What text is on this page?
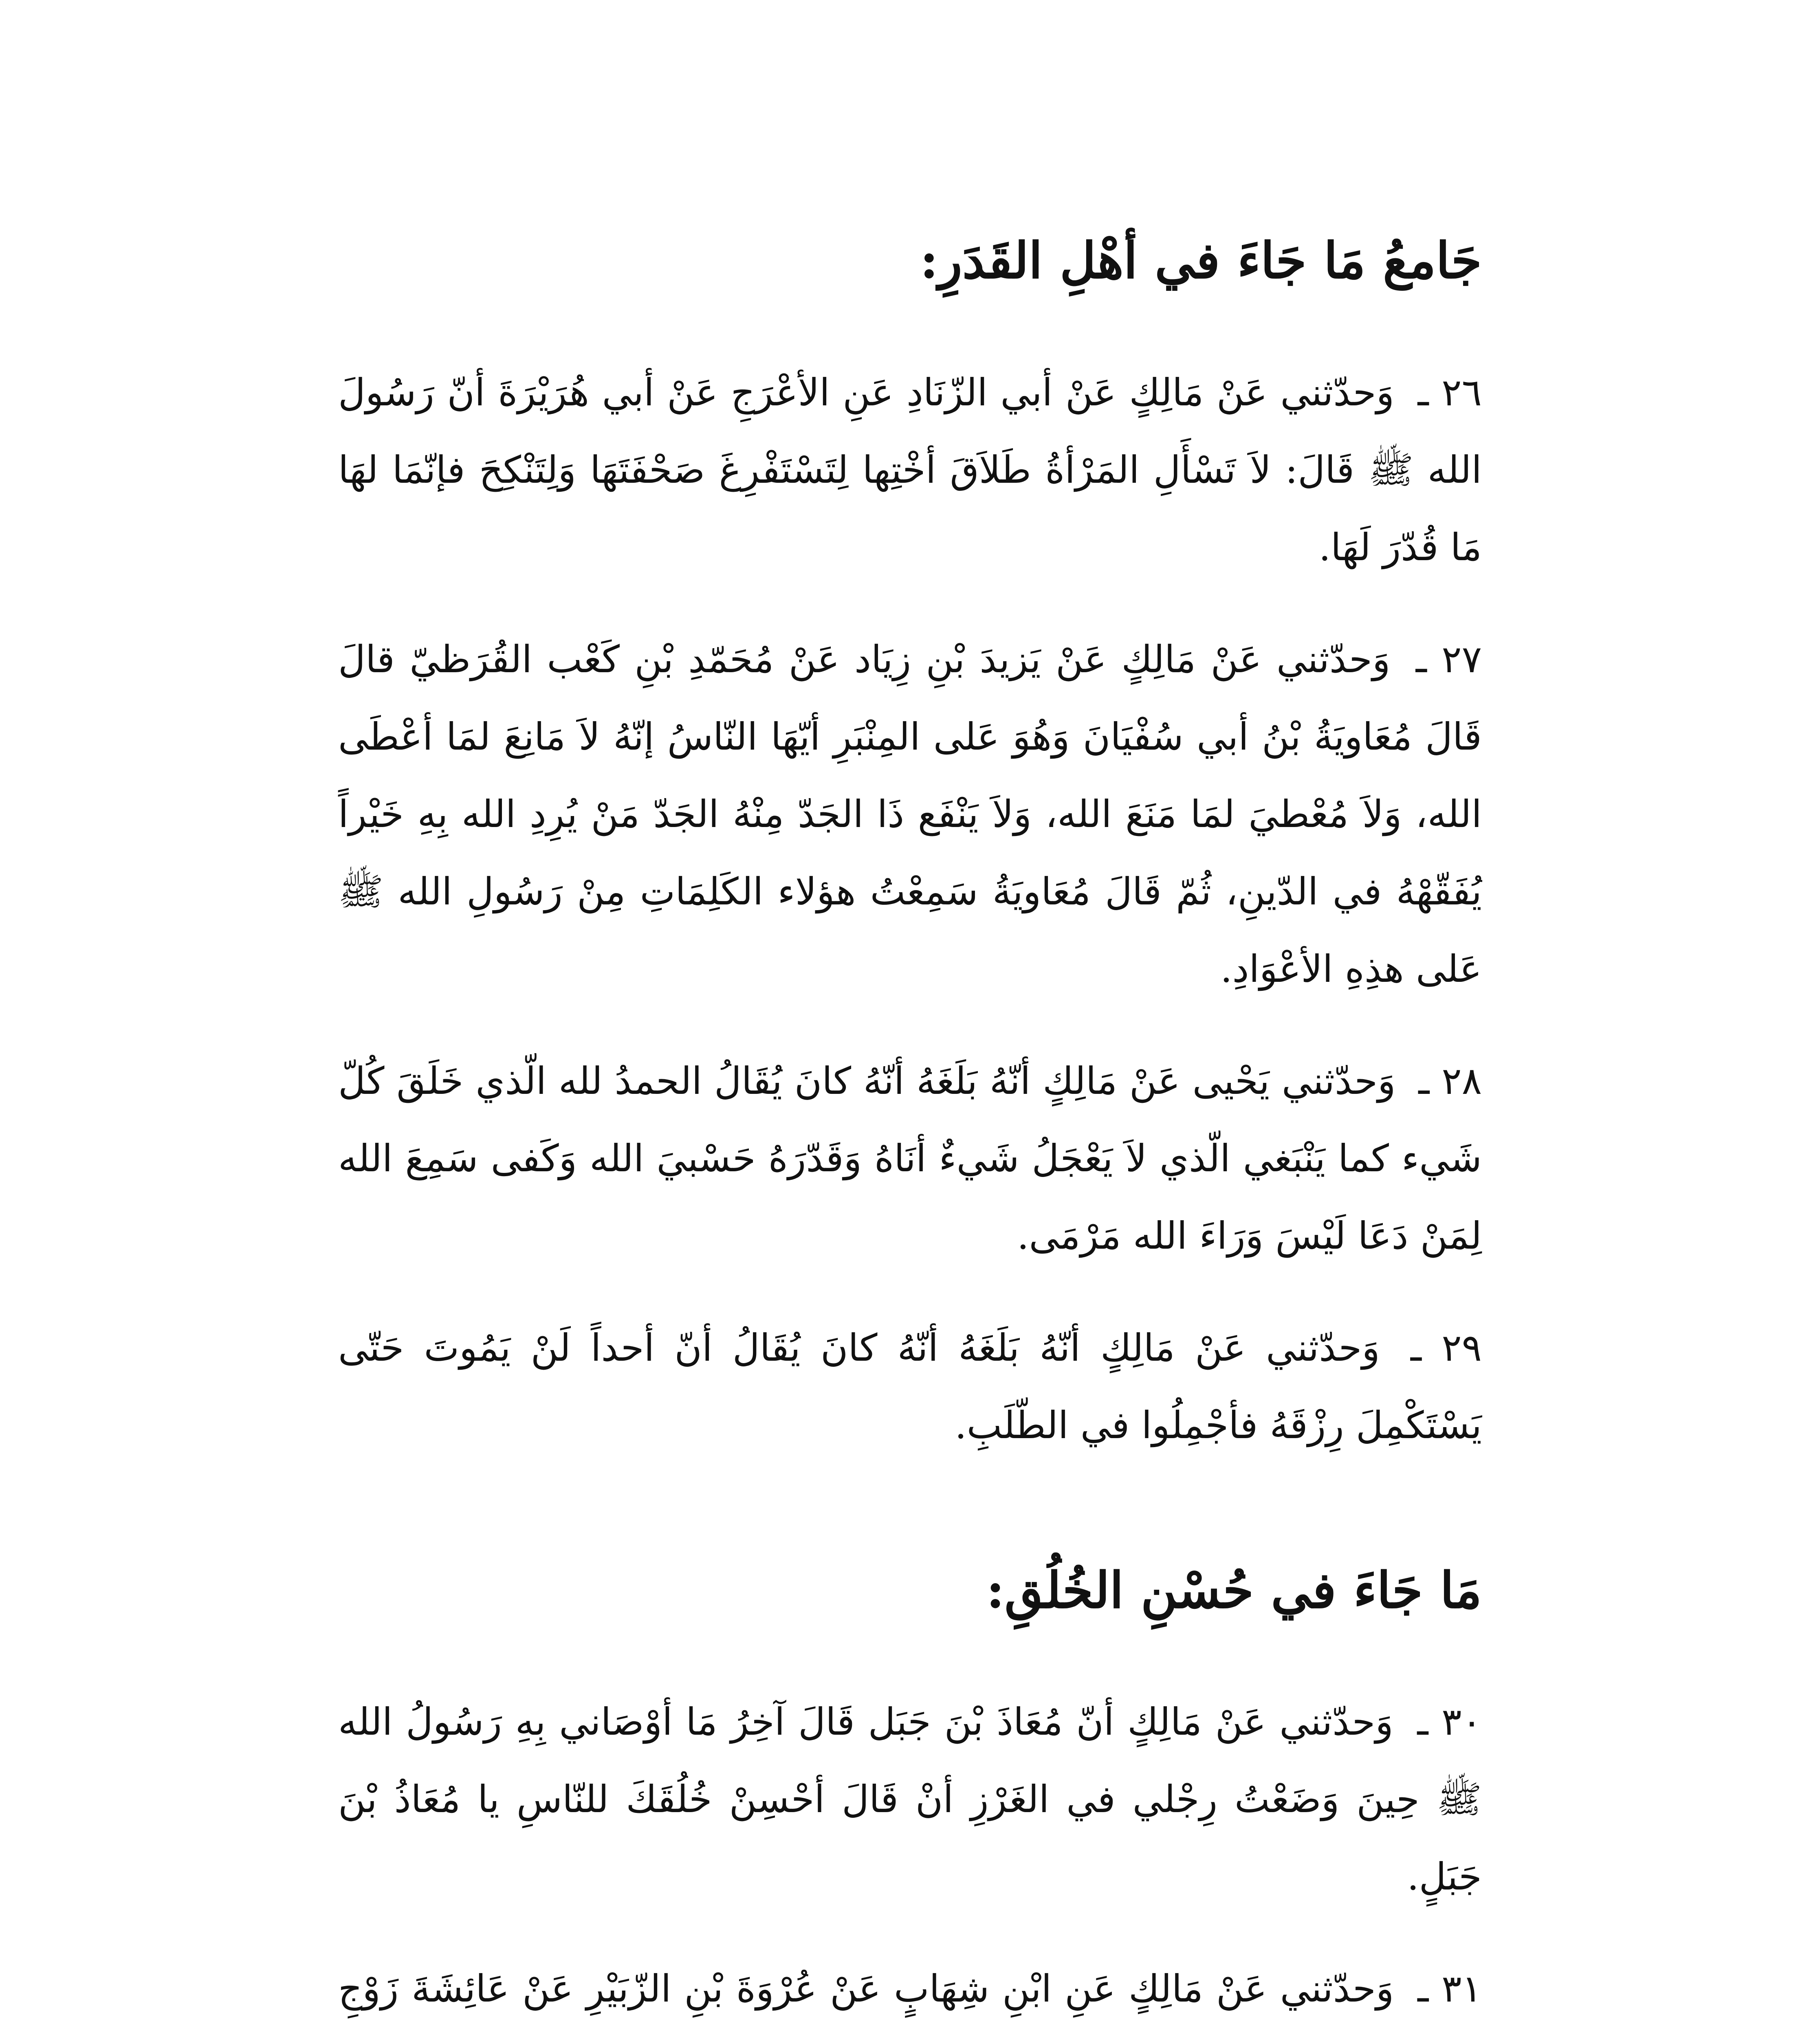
جَامعُ مَا جَاءَ في أهْلِ القَدَرِ:

٢٦ ـ وَحدّثني عَنْ مَالِكٍ عَنْ أبي الزّنَادِ عَنِ الأعْرَجِ عَنْ أبي هُرَيْرَةَ أنّ رَسُولَ الله ﷺ قَالَ: لاَ تَسْأَلِ المَرْأةُ طَلاَقَ أخْتِها لِتَسْتَفْرِغَ صَحْفَتَهَا وَلِتَنْكِحَ فإنّمَا لهَا مَا قُدّرَ لَهَا.

٢٧ ـ وَحدّثني عَنْ مَالِكٍ عَنْ يَزيدَ بْنِ زِيَاد عَنْ مُحَمّدِ بْنِ كَعْب القُرَظيّ قالَ قَالَ مُعَاويَةُ بْنُ أبي سُفْيَانَ وَهُوَ عَلى المِنْبَرِ أيّهَا النّاسُ إنّهُ لاَ مَانِعَ لمَا أعْطَى الله، وَلاَ مُعْطيَ لمَا مَنَعَ الله، وَلاَ يَنْفَع ذَا الجَدّ مِنْهُ الجَدّ مَنْ يُرِدِ الله بِهِ خَيْراً يُفَقّهْهُ في الدّينِ، ثُمّ قَالَ مُعَاويَةُ سَمِعْتُ هؤلاء الكَلِمَاتِ مِنْ رَسُولِ الله ﷺ عَلى هذِهِ الأعْوَادِ.

٢٨ ـ وَحدّثني يَحْيى عَنْ مَالِكٍ أنّهُ بَلَغَهُ أنّهُ كانَ يُقَالُ الحمدُ لله الّذي خَلَقَ كُلّ شَيء كما يَنْبَغي الّذي لاَ يَعْجَلُ شَيءٌ أنَاهُ وَقَدّرَهُ حَسْبيَ الله وَكَفى سَمِعَ الله لِمَنْ دَعَا لَيْسَ وَرَاءَ الله مَرْمَى.

٢٩ ـ وَحدّثني عَنْ مَالِكٍ أنّهُ بَلَغَهُ أنّهُ كانَ يُقَالُ أنّ أحداً لَنْ يَمُوتَ حَتّى يَسْتَكْمِلَ رِزْقَهُ فأجْمِلُوا في الطّلَبِ.

مَا جَاءَ في حُسْنِ الخُلُقِ:

٣٠ ـ وَحدّثني عَنْ مَالِكٍ أنّ مُعَاذَ بْنَ جَبَل قَالَ آخِرُ مَا أوْصَاني بِهِ رَسُولُ الله ﷺ حِينَ وَضَعْتُ رِجْلي في الغَرْزِ أنْ قَالَ أحْسِنْ خُلُقَكَ للنّاسِ يا مُعَاذُ بْنَ جَبَلٍ.

٣١ ـ وَحدّثني عَنْ مَالِكٍ عَنِ ابْنِ شِهَابٍ عَنْ عُرْوَةَ بْنِ الزّبَيْرِ عَنْ عَائِشَةَ زَوْجِ
